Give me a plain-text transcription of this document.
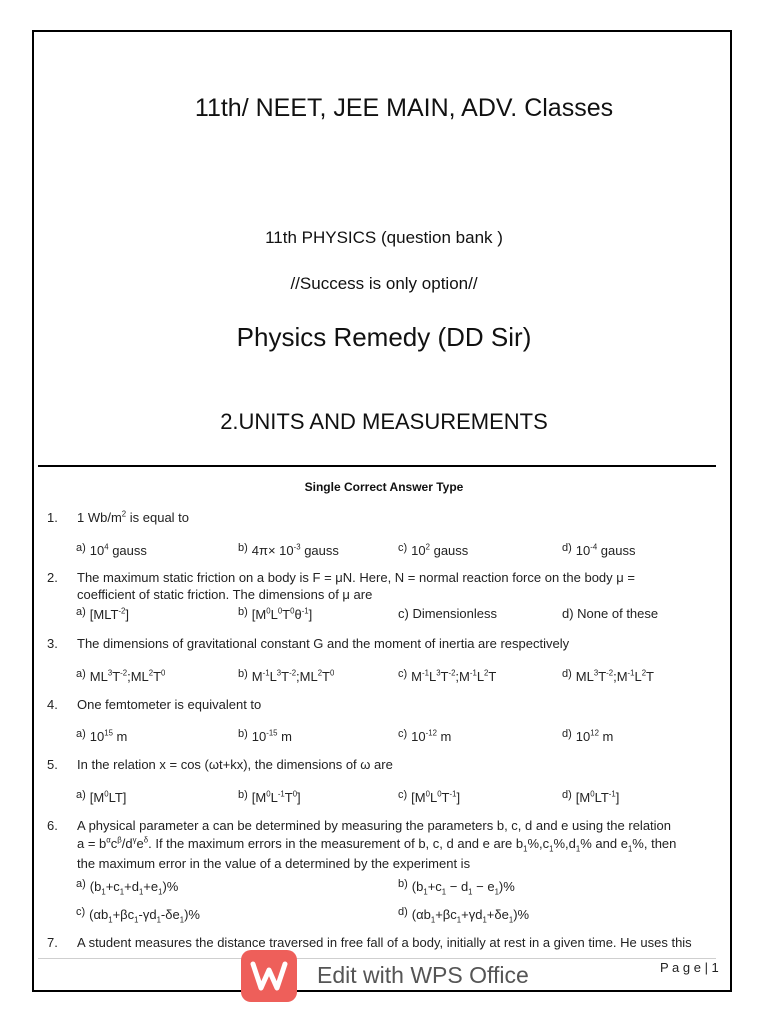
11th/ NEET, JEE MAIN, ADV. Classes
11th PHYSICS (question bank )
//Success is only option//
Physics Remedy (DD Sir)
2.UNITS AND MEASUREMENTS
Single Correct Answer Type
1. 1 $Wb/m^2$ is equal to
$^{a)}$ $10^4$ gauss	$^{b)}$ $4\pi\times 10^{-3}$ gauss	$^{c)}$ $10^2$ gauss	$^{d)}$ $10^{-4}$ gauss
2. The maximum static friction on a body is F = μN. Here, N = normal reaction force on the body μ =
coefficient of static friction. The dimensions of μ are
$^{a)}$ $[MLT^{-2}]$	$^{b)}$ $[M^0L^0T^0\theta^{-1}]$	c) Dimensionless	d) None of these
3. The dimensions of gravitational constant G and the moment of inertia are respectively
$^{a)}$ $ML^3T^{-2};ML^2T^0$	$^{b)}$ $M^{-1}L^3T^{-2};ML^2T^0$	$^{c)}$ $M^{-1}L^3T^{-2};M^{-1}L^2T$	$^{d)}$ $ML^3T^{-2};M^{-1}L^2T$
4. One femtometer is equivalent to
$^{a)}$ $10^{15}$ m	$^{b)}$ $10^{-15}$ m	$^{c)}$ $10^{-12}$ m	$^{d)}$ $10^{12}$ m
5. In the relation x = cos (ωt+kx), the dimensions of ω are
$^{a)}$ $[M^0LT]$	$^{b)}$ $[M^0L^{-1}T^0]$	$^{c)}$ $[M^0L^0T^{-1}]$	$^{d)}$ $[M^0LT^{-1}]$
6. A physical parameter a can be determined by measuring the parameters b, c, d and e using the relation
$a = b^\alpha c^\beta/d^\gamma e^\delta$. If the maximum errors in the measurement of b, c, d and e are $b_1\%,c_1\%,d_1\%$ and $e_1\%$, then
the maximum error in the value of a determined by the experiment is
$^{a)}$ $(b_1+c_1+d_1+e_1)\%$	$^{b)}$ $(b_1+c_1 - d_1 - e_1)\%$
$^{c)}$ $(\alpha b_1+\beta c_1-\gamma d_1-\delta e_1)\%$	$^{d)}$ $(\alpha b_1+\beta c_1+\gamma d_1+\delta e_1)\%$
7. A student measures the distance traversed in free fall of a body, initially at rest in a given time. He uses this
Edit with WPS Office	P a g e | 1
